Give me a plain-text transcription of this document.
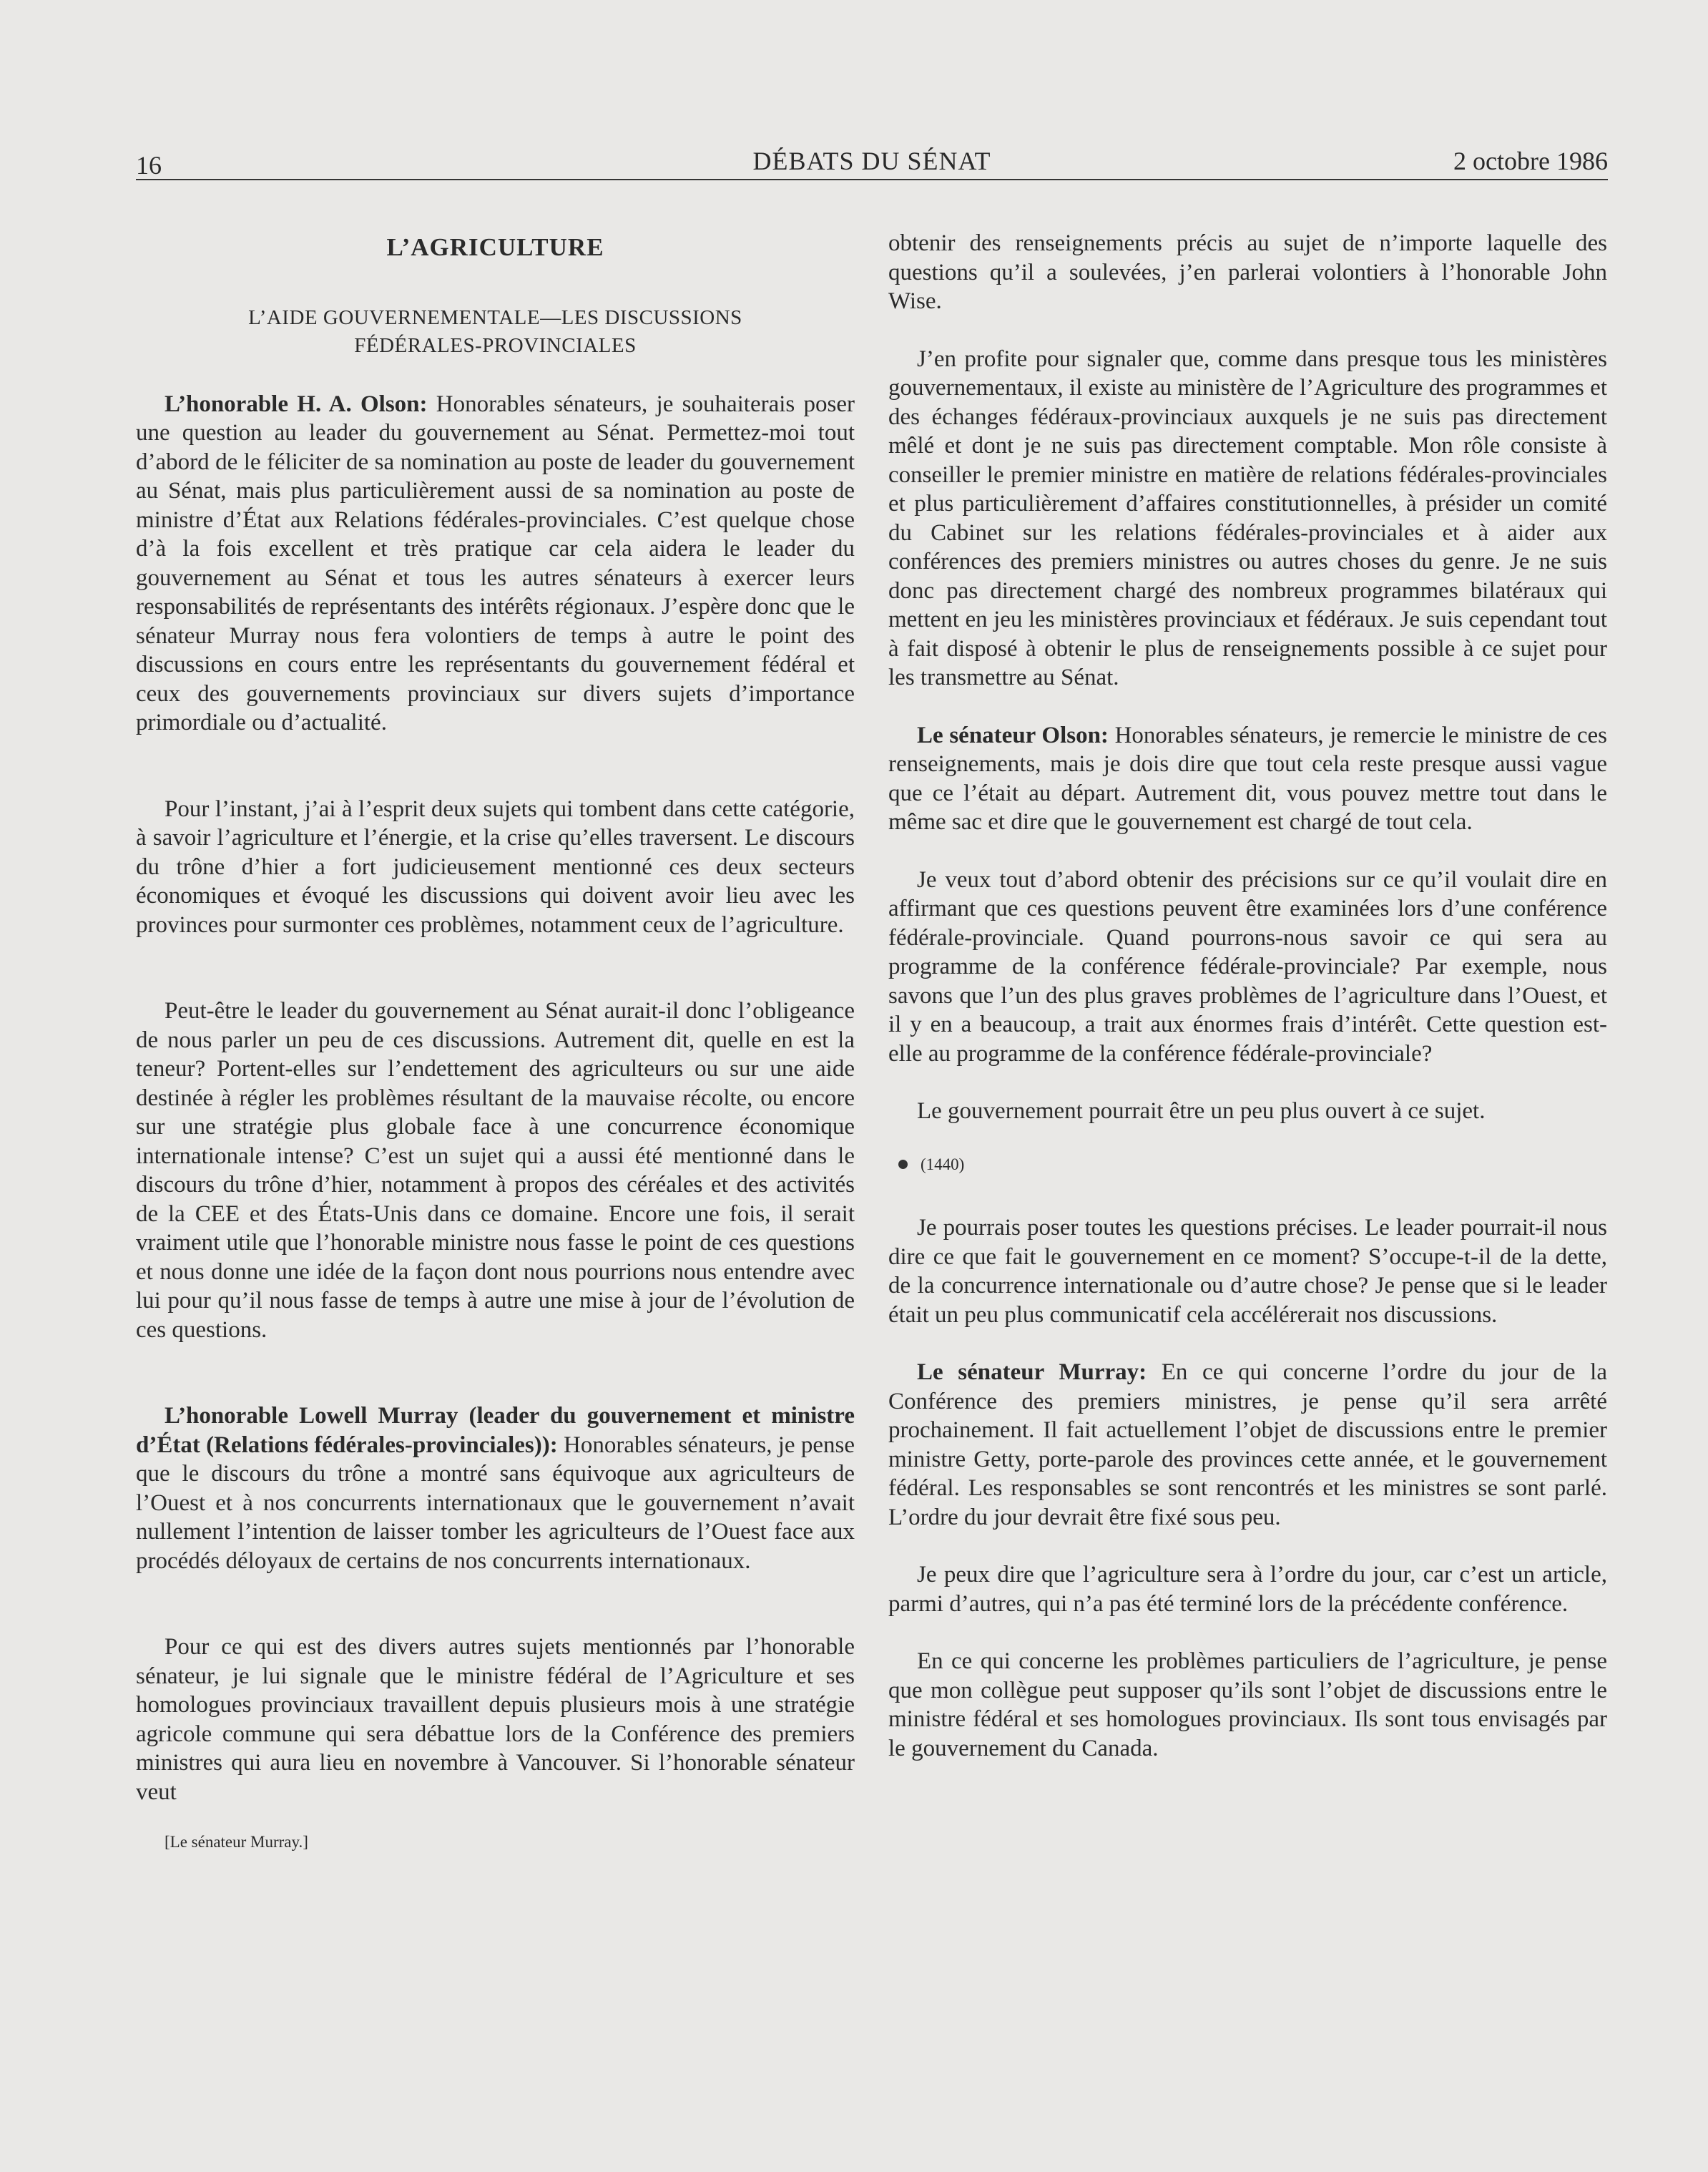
16	DÉBATS DU SÉNAT	2 octobre 1986
L’AGRICULTURE
L’AIDE GOUVERNEMENTALE—LES DISCUSSIONS
FÉDÉRALES-PROVINCIALES

L’honorable H. A. Olson: Honorables sénateurs, je souhaiterais poser une question au leader du gouvernement au Sénat. Permettez-moi tout d’abord de le féliciter de sa nomination au poste de leader du gouvernement au Sénat, mais plus particulièrement aussi de sa nomination au poste de ministre d’État aux Relations fédérales-provinciales. C’est quelque chose d’à la fois excellent et très pratique car cela aidera le leader du gouvernement au Sénat et tous les autres sénateurs à exercer leurs responsabilités de représentants des intérêts régionaux. J’espère donc que le sénateur Murray nous fera volontiers de temps à autre le point des discussions en cours entre les représentants du gouvernement fédéral et ceux des gouvernements provinciaux sur divers sujets d’importance primordiale ou d’actualité.

Pour l’instant, j’ai à l’esprit deux sujets qui tombent dans cette catégorie, à savoir l’agriculture et l’énergie, et la crise qu’elles traversent. Le discours du trône d’hier a fort judicieusement mentionné ces deux secteurs économiques et évoqué les discussions qui doivent avoir lieu avec les provinces pour surmonter ces problèmes, notamment ceux de l’agriculture.

Peut-être le leader du gouvernement au Sénat aurait-il donc l’obligeance de nous parler un peu de ces discussions. Autrement dit, quelle en est la teneur? Portent-elles sur l’endettement des agriculteurs ou sur une aide destinée à régler les problèmes résultant de la mauvaise récolte, ou encore sur une stratégie plus globale face à une concurrence économique internationale intense? C’est un sujet qui a aussi été mentionné dans le discours du trône d’hier, notamment à propos des céréales et des activités de la CEE et des États-Unis dans ce domaine. Encore une fois, il serait vraiment utile que l’honorable ministre nous fasse le point de ces questions et nous donne une idée de la façon dont nous pourrions nous entendre avec lui pour qu’il nous fasse de temps à autre une mise à jour de l’évolution de ces questions.

L’honorable Lowell Murray (leader du gouvernement et ministre d’État (Relations fédérales-provinciales)): Honorables sénateurs, je pense que le discours du trône a montré sans équivoque aux agriculteurs de l’Ouest et à nos concurrents internationaux que le gouvernement n’avait nullement l’intention de laisser tomber les agriculteurs de l’Ouest face aux procédés déloyaux de certains de nos concurrents internationaux.

Pour ce qui est des divers autres sujets mentionnés par l’honorable sénateur, je lui signale que le ministre fédéral de l’Agriculture et ses homologues provinciaux travaillent depuis plusieurs mois à une stratégie agricole commune qui sera débattue lors de la Conférence des premiers ministres qui aura lieu en novembre à Vancouver. Si l’honorable sénateur veut

[Le sénateur Murray.]

obtenir des renseignements précis au sujet de n’importe laquelle des questions qu’il a soulevées, j’en parlerai volontiers à l’honorable John Wise.

J’en profite pour signaler que, comme dans presque tous les ministères gouvernementaux, il existe au ministère de l’Agriculture des programmes et des échanges fédéraux-provinciaux auxquels je ne suis pas directement mêlé et dont je ne suis pas directement comptable. Mon rôle consiste à conseiller le premier ministre en matière de relations fédérales-provinciales et plus particulièrement d’affaires constitutionnelles, à présider un comité du Cabinet sur les relations fédérales-provinciales et à aider aux conférences des premiers ministres ou autres choses du genre. Je ne suis donc pas directement chargé des nombreux programmes bilatéraux qui mettent en jeu les ministères provinciaux et fédéraux. Je suis cependant tout à fait disposé à obtenir le plus de renseignements possible à ce sujet pour les transmettre au Sénat.

Le sénateur Olson: Honorables sénateurs, je remercie le ministre de ces renseignements, mais je dois dire que tout cela reste presque aussi vague que ce l’était au départ. Autrement dit, vous pouvez mettre tout dans le même sac et dire que le gouvernement est chargé de tout cela.

Je veux tout d’abord obtenir des précisions sur ce qu’il voulait dire en affirmant que ces questions peuvent être examinées lors d’une conférence fédérale-provinciale. Quand pourrons-nous savoir ce qui sera au programme de la conférence fédérale-provinciale? Par exemple, nous savons que l’un des plus graves problèmes de l’agriculture dans l’Ouest, et il y en a beaucoup, a trait aux énormes frais d’intérêt. Cette question est-elle au programme de la conférence fédérale-provinciale?

Le gouvernement pourrait être un peu plus ouvert à ce sujet.

(1440)

Je pourrais poser toutes les questions précises. Le leader pourrait-il nous dire ce que fait le gouvernement en ce moment? S’occupe-t-il de la dette, de la concurrence internationale ou d’autre chose? Je pense que si le leader était un peu plus communicatif cela accélérerait nos discussions.

Le sénateur Murray: En ce qui concerne l’ordre du jour de la Conférence des premiers ministres, je pense qu’il sera arrêté prochainement. Il fait actuellement l’objet de discussions entre le premier ministre Getty, porte-parole des provinces cette année, et le gouvernement fédéral. Les responsables se sont rencontrés et les ministres se sont parlé. L’ordre du jour devrait être fixé sous peu.

Je peux dire que l’agriculture sera à l’ordre du jour, car c’est un article, parmi d’autres, qui n’a pas été terminé lors de la précédente conférence.

En ce qui concerne les problèmes particuliers de l’agriculture, je pense que mon collègue peut supposer qu’ils sont l’objet de discussions entre le ministre fédéral et ses homologues provinciaux. Ils sont tous envisagés par le gouvernement du Canada.
